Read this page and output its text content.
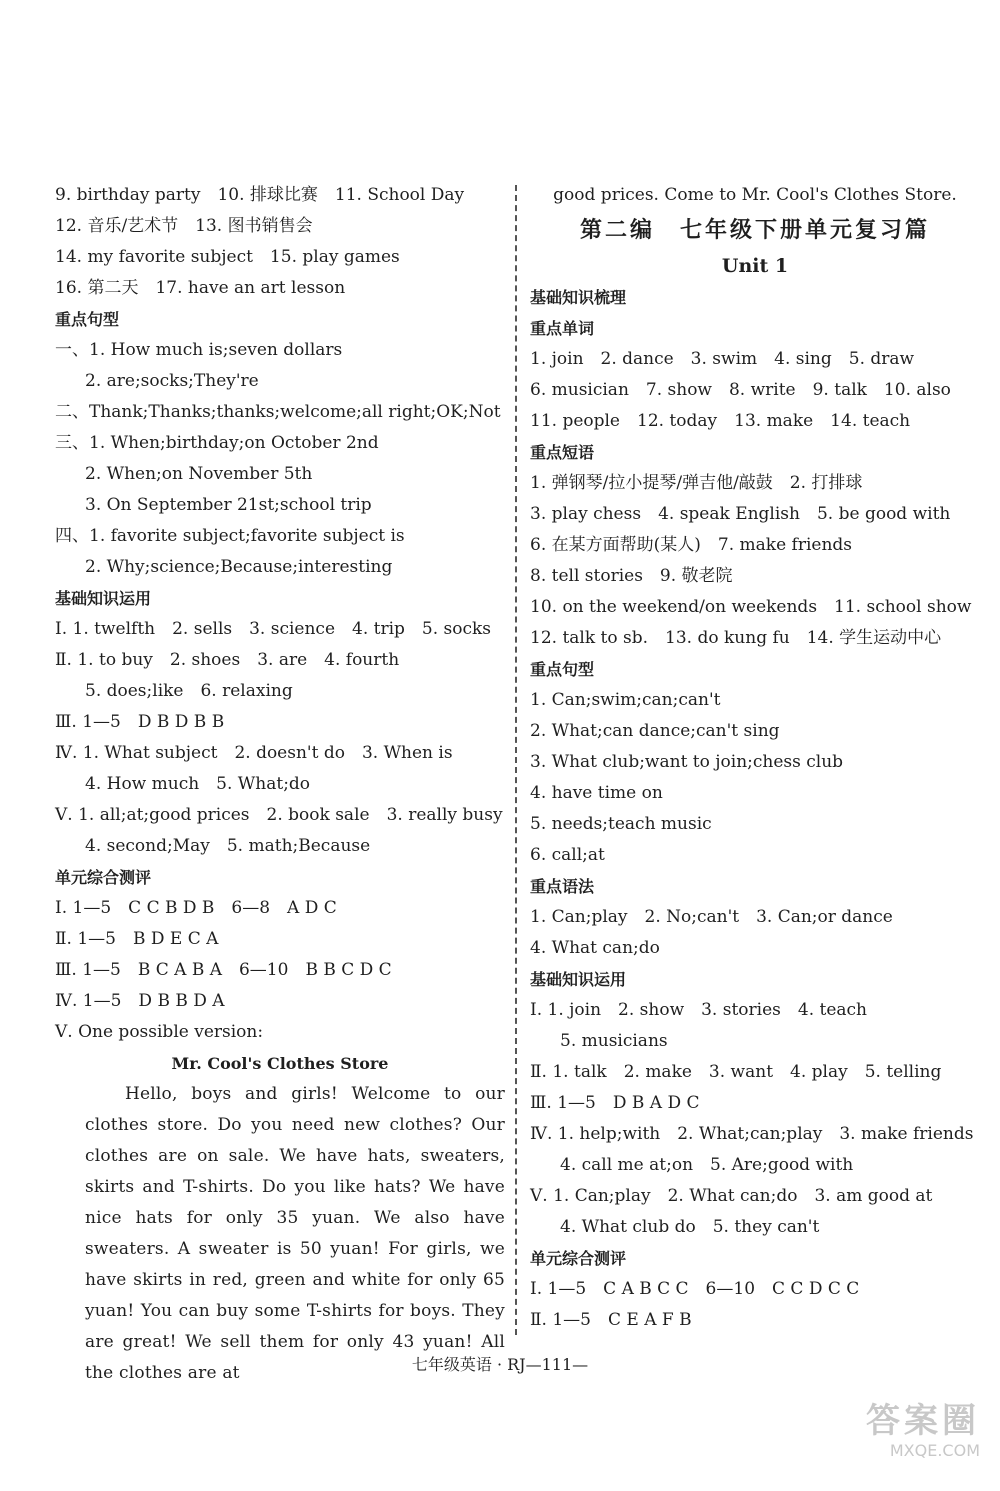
9. birthday party　10. 排球比赛　11. School Day
12. 音乐/艺术节　13. 图书销售会
14. my favorite subject　15. play games
16. 第二天　17. have an art lesson
重点句型
一、1. How much is;seven dollars
2. are;socks;They're
二、Thank;Thanks;thanks;welcome;all right;OK;Not
三、1. When;birthday;on October 2nd
2. When;on November 5th
3. On September 21st;school trip
四、1. favorite subject;favorite subject is
2. Why;science;Because;interesting
基础知识运用
Ⅰ. 1. twelfth　2. sells　3. science　4. trip　5. socks
Ⅱ. 1. to buy　2. shoes　3. are　4. fourth
5. does;like　6. relaxing
Ⅲ. 1—5　D B D B B
Ⅳ. 1. What subject　2. doesn't do　3. When is
4. How much　5. What;do
Ⅴ. 1. all;at;good prices　2. book sale　3. really busy
4. second;May　5. math;Because
单元综合测评
Ⅰ. 1—5　C C B D B　6—8　A D C
Ⅱ. 1—5　B D E C A
Ⅲ. 1—5　B C A B A　6—10　B B C D C
Ⅳ. 1—5　D B B D A
Ⅴ. One possible version:
Mr. Cool's Clothes Store

Hello, boys and girls! Welcome to our clothes store. Do you need new clothes? Our clothes are on sale. We have hats, sweaters, skirts and T-shirts. Do you like hats? We have nice hats for only 35 yuan. We also have sweaters. A sweater is 50 yuan! For girls, we have skirts in red, green and white for only 65 yuan! You can buy some T-shirts for boys. They are great! We sell them for only 43 yuan! All the clothes are at

good prices. Come to Mr. Cool's Clothes Store.
第二编　七年级下册单元复习篇
Unit 1
基础知识梳理
重点单词
1. join　2. dance　3. swim　4. sing　5. draw
6. musician　7. show　8. write　9. talk　10. also
11. people　12. today　13. make　14. teach
重点短语
1. 弹钢琴/拉小提琴/弹吉他/敲鼓　2. 打排球
3. play chess　4. speak English　5. be good with
6. 在某方面帮助(某人)　7. make friends
8. tell stories　9. 敬老院
10. on the weekend/on weekends　11. school show
12. talk to sb.　13. do kung fu　14. 学生运动中心
重点句型
1. Can;swim;can;can't
2. What;can dance;can't sing
3. What club;want to join;chess club
4. have time on
5. needs;teach music
6. call;at
重点语法
1. Can;play　2. No;can't　3. Can;or dance
4. What can;do
基础知识运用
Ⅰ. 1. join　2. show　3. stories　4. teach
5. musicians
Ⅱ. 1. talk　2. make　3. want　4. play　5. telling
Ⅲ. 1—5　D B A D C
Ⅳ. 1. help;with　2. What;can;play　3. make friends
4. call me at;on　5. Are;good with
Ⅴ. 1. Can;play　2. What can;do　3. am good at
4. What club do　5. they can't
单元综合测评
Ⅰ. 1—5　C A B C C　6—10　C C D C C
Ⅱ. 1—5　C E A F B
七年级英语 · RJ—111—
答案圈
MXQE.COM
